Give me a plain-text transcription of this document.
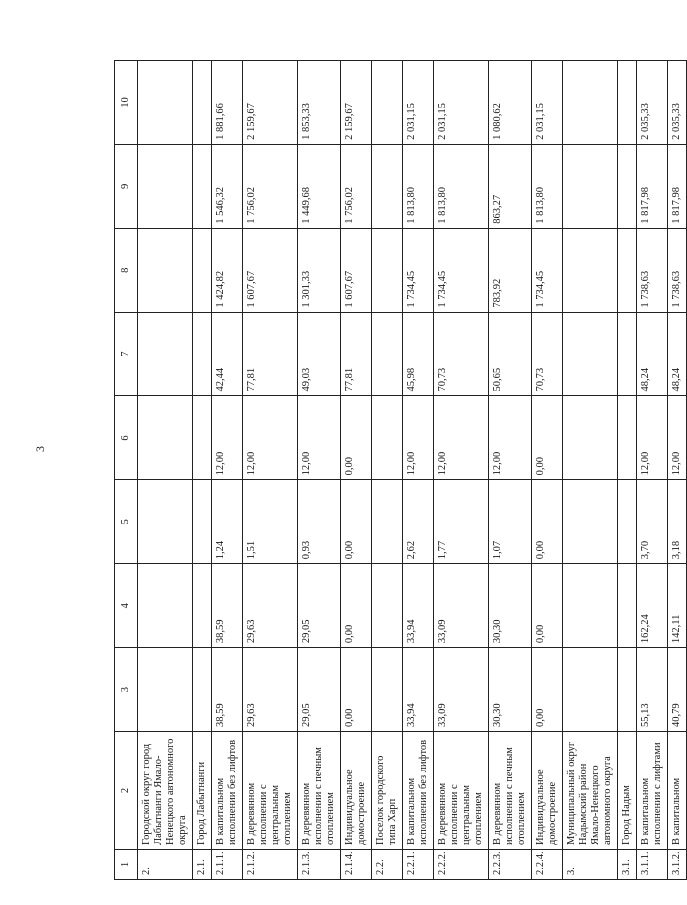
3
1	2	3	4	5	6	7	8	9	10
2.	Городской округ город Лабытнанги Ямало-Ненецкого автономного округа								
2.1.	Город Лабытнанги								
2.1.1.	В капитальном исполнении без лифтов	38,59	38,59	1,24	12,00	42,44	1 424,82	1 546,32	1 881,66
2.1.2.	В деревянном исполнении с центральным отоплением	29,63	29,63	1,51	12,00	77,81	1 607,67	1 756,02	2 159,67
2.1.3.	В деревянном исполнении с печным отоплением	29,05	29,05	0,93	12,00	49,03	1 301,33	1 449,68	1 853,33
2.1.4.	Индивидуальное домостроение	0,00	0,00	0,00	0,00	77,81	1 607,67	1 756,02	2 159,67
2.2.	Поселок городского типа Харп								
2.2.1.	В капитальном исполнении без лифтов	33,94	33,94	2,62	12,00	45,98	1 734,45	1 813,80	2 031,15
2.2.2.	В деревянном исполнении с центральным отоплением	33,09	33,09	1,77	12,00	70,73	1 734,45	1 813,80	2 031,15
2.2.3.	В деревянном исполнении с печным отоплением	30,30	30,30	1,07	12,00	50,65	783,92	863,27	1 080,62
2.2.4.	Индивидуальное домостроение	0,00	0,00	0,00	0,00	70,73	1 734,45	1 813,80	2 031,15
3.	Муниципальный округ Надымский район Ямало-Ненецкого автономного округа								
3.1.	Город Надым								
3.1.1.	В капитальном исполнении с лифтами	55,13	162,24	3,70	12,00	48,24	1 738,63	1 817,98	2 035,33
3.1.2.	В капитальном	40,79	142,11	3,18	12,00	48,24	1 738,63	1 817,98	2 035,33
